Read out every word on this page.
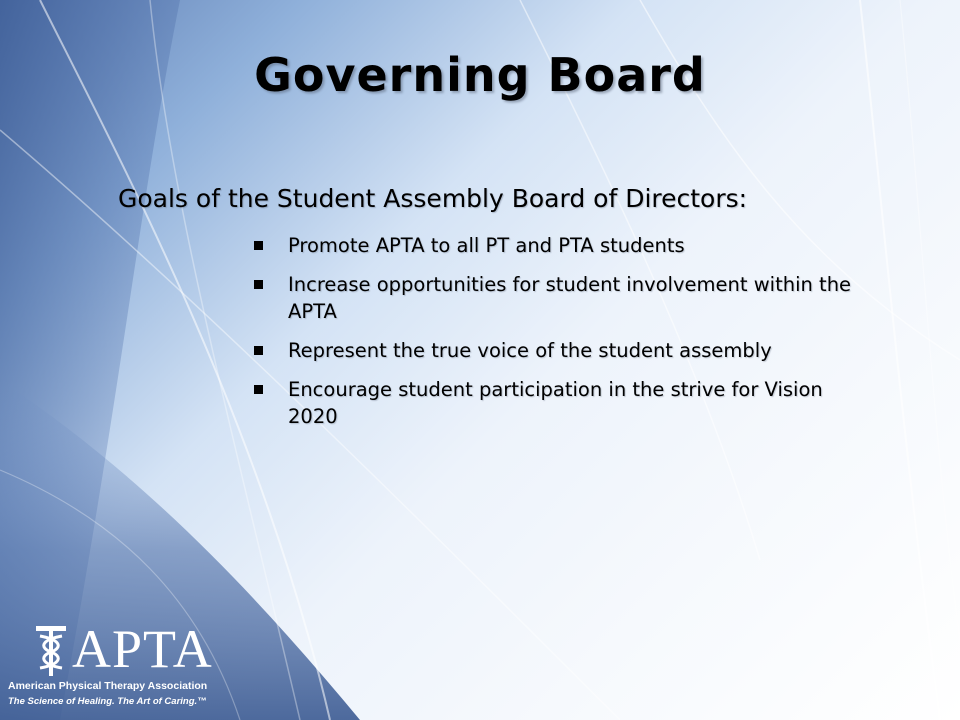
Governing Board

Goals of the Student Assembly Board of Directors:

Promote APTA to all PT and PTA students
Increase opportunities for student involvement within the APTA
Represent the true voice of the student assembly
Encourage student participation in the strive for Vision 2020
APTA
American Physical Therapy Association
The Science of Healing. The Art of Caring.™
